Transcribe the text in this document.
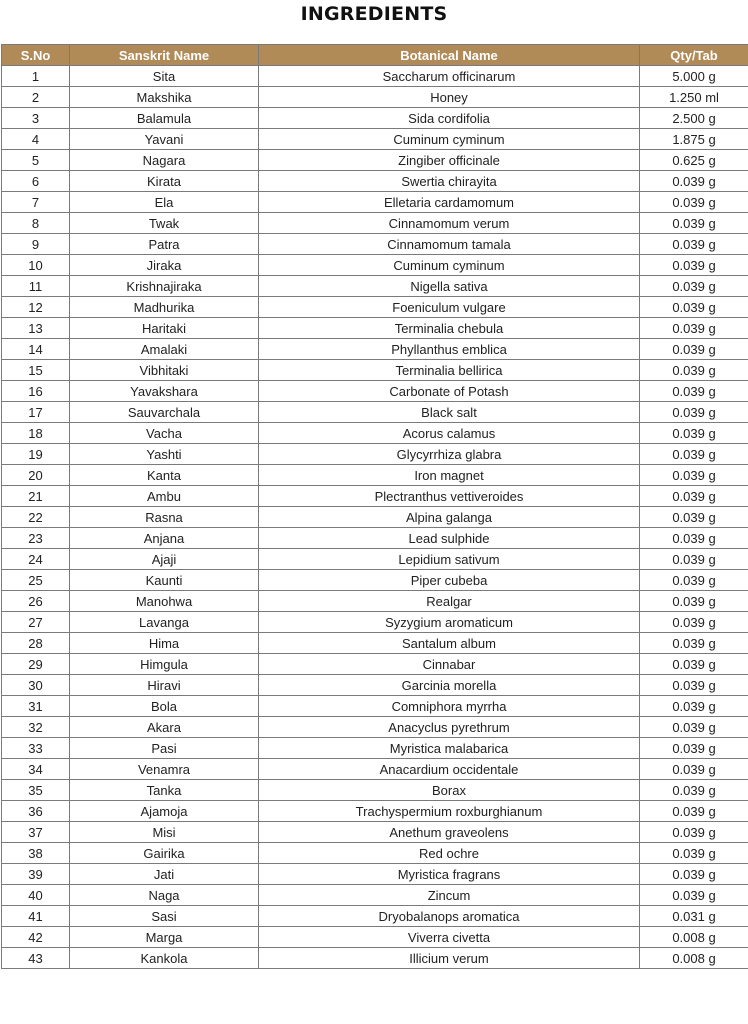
INGREDIENTS
S.No	Sanskrit Name	Botanical Name	Qty/Tab
1	Sita	Saccharum officinarum	5.000 g
2	Makshika	Honey	1.250 ml
3	Balamula	Sida cordifolia	2.500 g
4	Yavani	Cuminum cyminum	1.875 g
5	Nagara	Zingiber officinale	0.625 g
6	Kirata	Swertia chirayita	0.039 g
7	Ela	Elletaria cardamomum	0.039 g
8	Twak	Cinnamomum verum	0.039 g
9	Patra	Cinnamomum tamala	0.039 g
10	Jiraka	Cuminum cyminum	0.039 g
11	Krishnajiraka	Nigella sativa	0.039 g
12	Madhurika	Foeniculum vulgare	0.039 g
13	Haritaki	Terminalia chebula	0.039 g
14	Amalaki	Phyllanthus emblica	0.039 g
15	Vibhitaki	Terminalia bellirica	0.039 g
16	Yavakshara	Carbonate of Potash	0.039 g
17	Sauvarchala	Black salt	0.039 g
18	Vacha	Acorus calamus	0.039 g
19	Yashti	Glycyrrhiza glabra	0.039 g
20	Kanta	Iron magnet	0.039 g
21	Ambu	Plectranthus vettiveroides	0.039 g
22	Rasna	Alpina galanga	0.039 g
23	Anjana	Lead sulphide	0.039 g
24	Ajaji	Lepidium sativum	0.039 g
25	Kaunti	Piper cubeba	0.039 g
26	Manohwa	Realgar	0.039 g
27	Lavanga	Syzygium aromaticum	0.039 g
28	Hima	Santalum album	0.039 g
29	Himgula	Cinnabar	0.039 g
30	Hiravi	Garcinia morella	0.039 g
31	Bola	Comniphora myrrha	0.039 g
32	Akara	Anacyclus pyrethrum	0.039 g
33	Pasi	Myristica malabarica	0.039 g
34	Venamra	Anacardium occidentale	0.039 g
35	Tanka	Borax	0.039 g
36	Ajamoja	Trachyspermium roxburghianum	0.039 g
37	Misi	Anethum graveolens	0.039 g
38	Gairika	Red ochre	0.039 g
39	Jati	Myristica fragrans	0.039 g
40	Naga	Zincum	0.039 g
41	Sasi	Dryobalanops aromatica	0.031 g
42	Marga	Viverra civetta	0.008 g
43	Kankola	Illicium verum	0.008 g
